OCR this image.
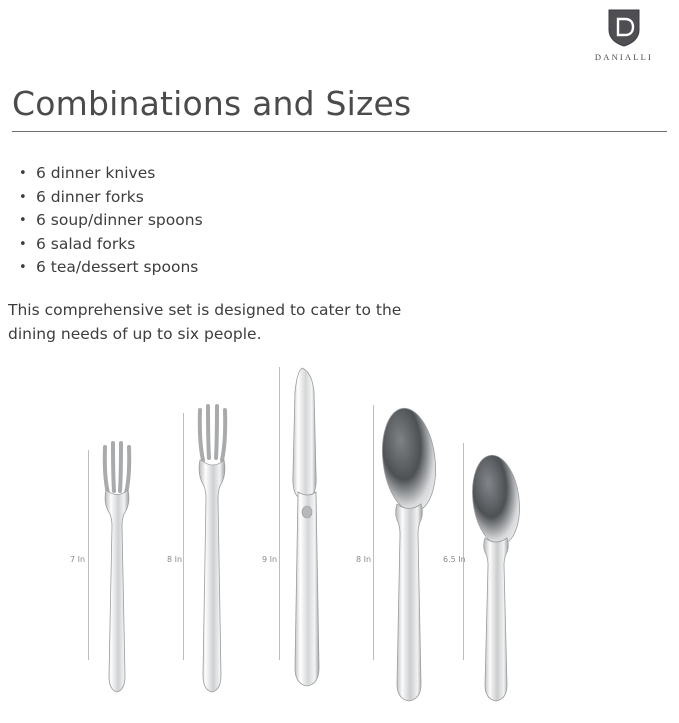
DANIALLI
Combinations and Sizes
• 6 dinner knives
• 6 dinner forks
• 6 soup/dinner spoons
• 6 salad forks
• 6 tea/dessert spoons

This comprehensive set is designed to cater to the dining needs of up to six people.

7 In	8 In	9 In	8 In	6.5 In
